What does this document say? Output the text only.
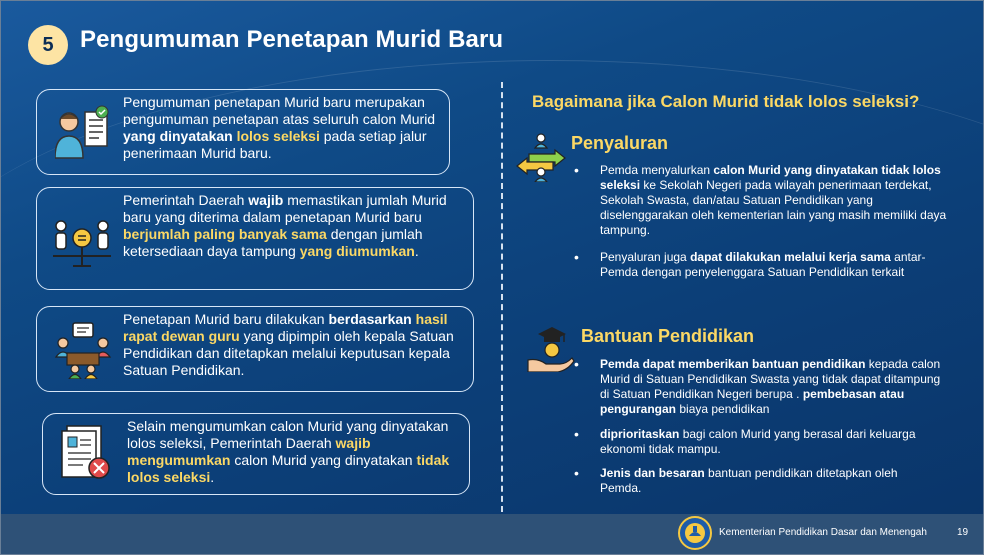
5	Pengumuman Penetapan Murid Baru
Pengumuman penetapan Murid baru merupakan pengumuman penetapan atas seluruh calon Murid yang dinyatakan lolos seleksi pada setiap jalur penerimaan Murid baru.
Pemerintah Daerah wajib memastikan jumlah Murid baru yang diterima dalam penetapan Murid baru berjumlah paling banyak sama dengan jumlah ketersediaan daya tampung yang diumumkan.
Penetapan Murid baru dilakukan berdasarkan hasil rapat dewan guru yang dipimpin oleh kepala Satuan Pendidikan dan ditetapkan melalui keputusan kepala Satuan Pendidikan.
Selain mengumumkan calon Murid yang dinyatakan lolos seleksi, Pemerintah Daerah wajib mengumumkan calon Murid yang dinyatakan tidak lolos seleksi.
Bagaimana jika Calon Murid tidak lolos seleksi?
Penyaluran
• Pemda menyalurkan calon Murid yang dinyatakan tidak lolos seleksi ke Sekolah Negeri pada wilayah penerimaan terdekat, Sekolah Swasta, dan/atau Satuan Pendidikan yang diselenggarakan oleh kementerian lain yang masih memiliki daya tampung.
• Penyaluran juga dapat dilakukan melalui kerja sama antar-Pemda dengan penyelenggara Satuan Pendidikan terkait
Bantuan Pendidikan
• Pemda dapat memberikan bantuan pendidikan kepada calon Murid di Satuan Pendidikan Swasta yang tidak dapat ditampung di Satuan Pendidikan Negeri berupa . pembebasan atau pengurangan biaya pendidikan
• diprioritaskan bagi calon Murid yang berasal dari keluarga ekonomi tidak mampu.
• Jenis dan besaran bantuan pendidikan ditetapkan oleh Pemda.
Kementerian Pendidikan Dasar dan Menengah	19
